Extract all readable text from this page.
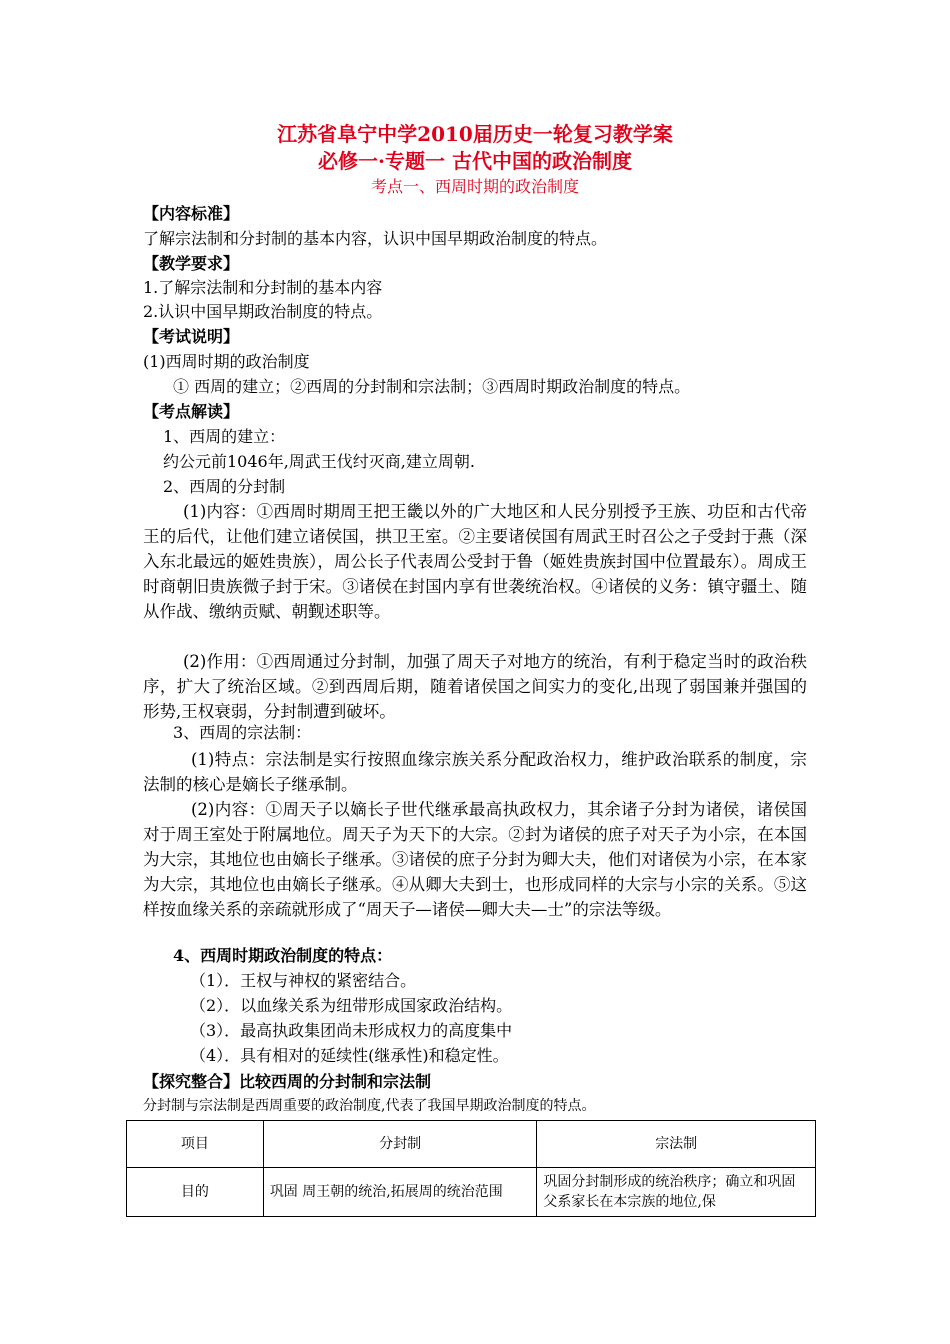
江苏省阜宁中学2010届历史一轮复习教学案
必修一·专题一 古代中国的政治制度
考点一、西周时期的政治制度
【内容标准】
了解宗法制和分封制的基本内容，认识中国早期政治制度的特点。
【教学要求】
1.了解宗法制和分封制的基本内容
2.认识中国早期政治制度的特点。
【考试说明】
(1)西周时期的政治制度
① 西周的建立；②西周的分封制和宗法制；③西周时期政治制度的特点。
【考点解读】
1、西周的建立：
约公元前1046年,周武王伐纣灭商,建立周朝.
2、西周的分封制
(1)内容：①西周时期周王把王畿以外的广大地区和人民分别授予王族、功臣和古代帝王的后代，让他们建立诸侯国，拱卫王室。②主要诸侯国有周武王时召公之子受封于燕（深入东北最远的姬姓贵族），周公长子代表周公受封于鲁（姬姓贵族封国中位置最东）。周成王时商朝旧贵族微子封于宋。③诸侯在封国内享有世袭统治权。④诸侯的义务：镇守疆土、随从作战、缴纳贡赋、朝觐述职等。
(2)作用：①西周通过分封制，加强了周天子对地方的统治，有利于稳定当时的政治秩序，扩大了统治区域。②到西周后期，随着诸侯国之间实力的变化,出现了弱国兼并强国的形势,王权衰弱，分封制遭到破坏。
3、西周的宗法制：
(1)特点：宗法制是实行按照血缘宗族关系分配政治权力，维护政治联系的制度，宗法制的核心是嫡长子继承制。
(2)内容：①周天子以嫡长子世代继承最高执政权力，其余诸子分封为诸侯，诸侯国对于周王室处于附属地位。周天子为天下的大宗。②封为诸侯的庶子对天子为小宗，在本国为大宗，其地位也由嫡长子继承。③诸侯的庶子分封为卿大夫，他们对诸侯为小宗，在本家为大宗，其地位也由嫡长子继承。④从卿大夫到士，也形成同样的大宗与小宗的关系。⑤这样按血缘关系的亲疏就形成了“周天子—诸侯—卿大夫—士”的宗法等级。
4、西周时期政治制度的特点：
（1）．王权与神权的紧密结合。
（2）．以血缘关系为纽带形成国家政治结构。
（3）．最高执政集团尚未形成权力的高度集中
（4）．具有相对的延续性(继承性)和稳定性。
【探究整合】比较西周的分封制和宗法制
分封制与宗法制是西周重要的政治制度,代表了我国早期政治制度的特点。
项目	分封制	宗法制
目的	巩固 周王朝的统治,拓展周的统治范围	巩固分封制形成的统治秩序；确立和巩固父系家长在本宗族的地位,保
